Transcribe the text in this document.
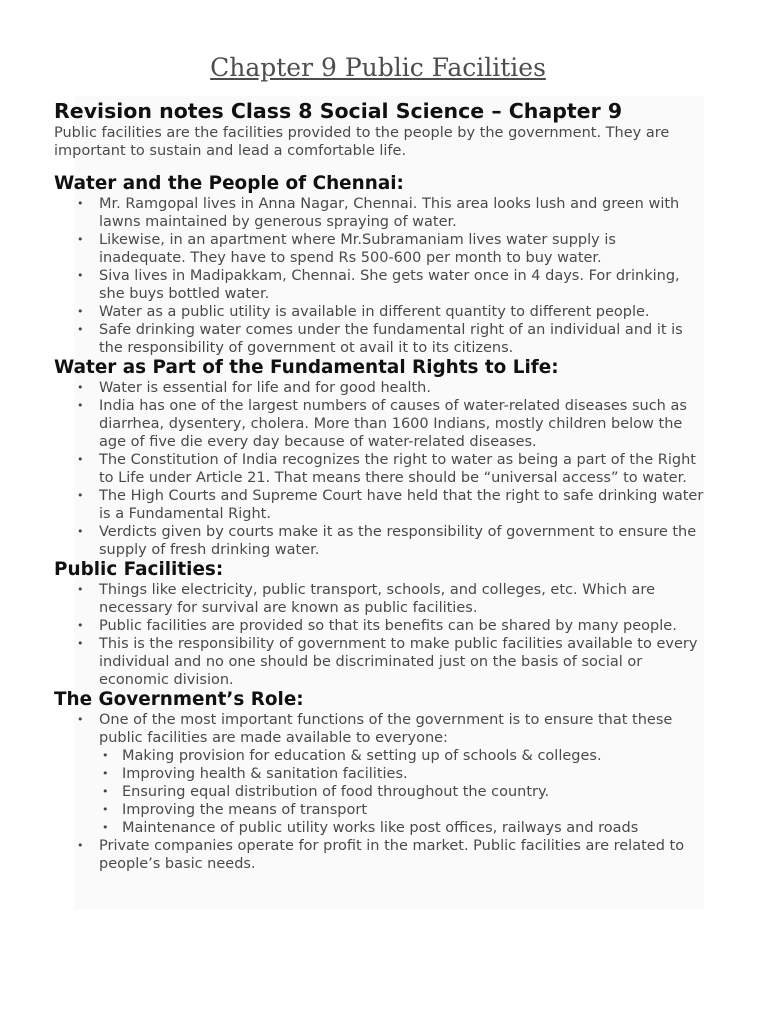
Chapter 9 Public Facilities
Revision notes Class 8 Social Science – Chapter 9

Public facilities are the facilities provided to the people by the government. They are important to sustain and lead a comfortable life.

Water and the People of Chennai:
• Mr. Ramgopal lives in Anna Nagar, Chennai. This area looks lush and green with lawns maintained by generous spraying of water.
• Likewise, in an apartment where Mr.Subramaniam lives water supply is inadequate. They have to spend Rs 500-600 per month to buy water.
• Siva lives in Madipakkam, Chennai. She gets water once in 4 days. For drinking, she buys bottled water.
• Water as a public utility is available in different quantity to different people.
• Safe drinking water comes under the fundamental right of an individual and it is the responsibility of government ot avail it to its citizens.
Water as Part of the Fundamental Rights to Life:
• Water is essential for life and for good health.
• India has one of the largest numbers of causes of water-related diseases such as diarrhea, dysentery, cholera. More than 1600 Indians, mostly children below the age of five die every day because of water-related diseases.
• The Constitution of India recognizes the right to water as being a part of the Right to Life under Article 21. That means there should be “universal access” to water.
• The High Courts and Supreme Court have held that the right to safe drinking water is a Fundamental Right.
• Verdicts given by courts make it as the responsibility of government to ensure the supply of fresh drinking water.
Public Facilities:
• Things like electricity, public transport, schools, and colleges, etc. Which are necessary for survival are known as public facilities.
• Public facilities are provided so that its benefits can be shared by many people.
• This is the responsibility of government to make public facilities available to every individual and no one should be discriminated just on the basis of social or economic division.
The Government’s Role:
• One of the most important functions of the government is to ensure that these public facilities are made available to everyone:
• Making provision for education & setting up of schools & colleges.
• Improving health & sanitation facilities.
• Ensuring equal distribution of food throughout the country.
• Improving the means of transport
• Maintenance of public utility works like post offices, railways and roads
• Private companies operate for profit in the market. Public facilities are related to people’s basic needs.
